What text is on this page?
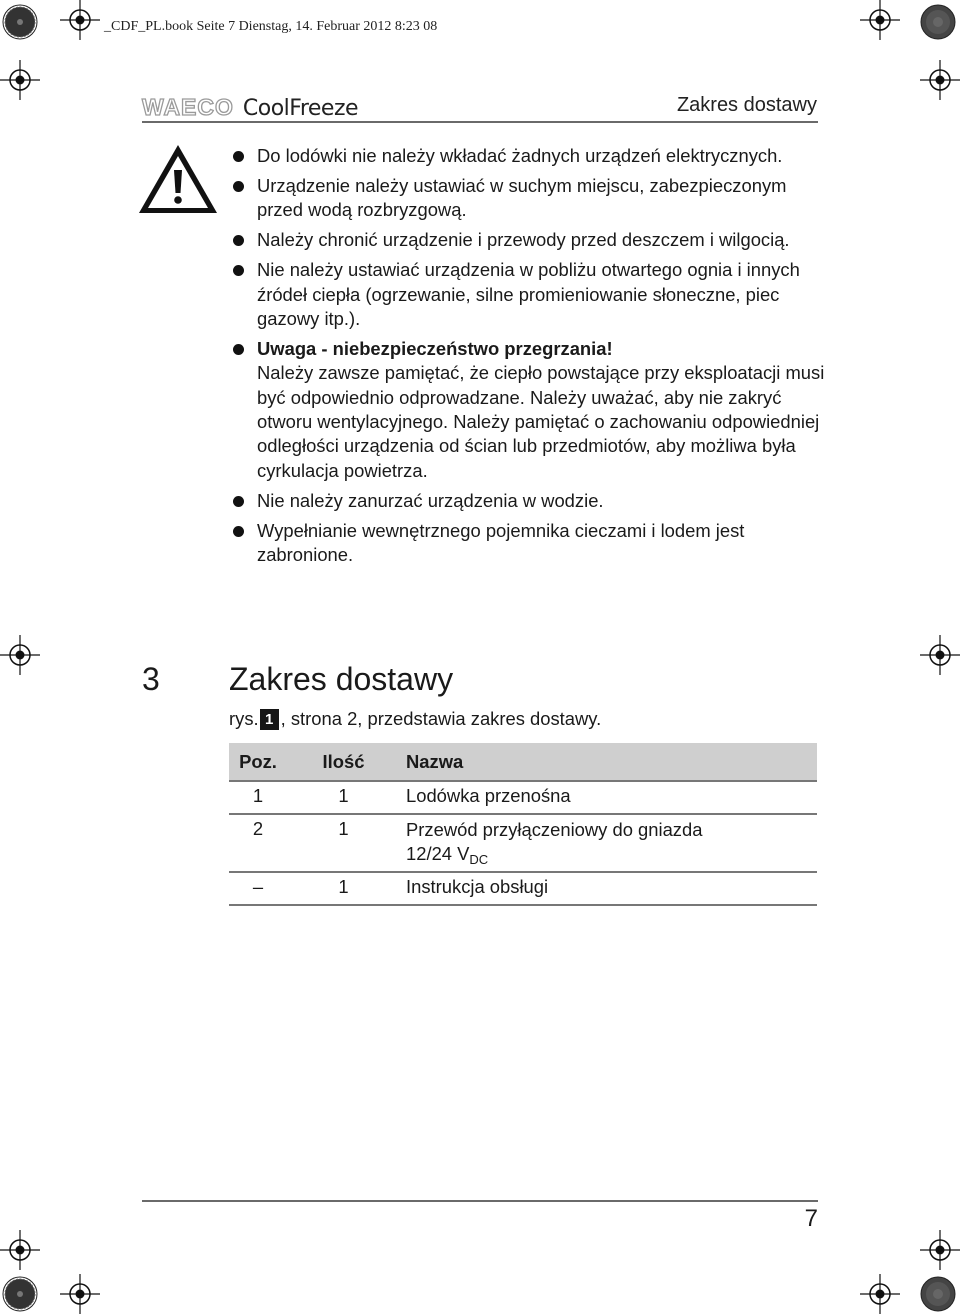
_CDF_PL.book Seite 7 Dienstag, 14. Februar 2012 8:23 08
WAECO CoolFreeze	Zakres dostawy
Do lodówki nie należy wkładać żadnych urządzeń elektrycznych.
Urządzenie należy ustawiać w suchym miejscu, zabezpieczonym przed wodą rozbryzgową.
Należy chronić urządzenie i przewody przed deszczem i wilgocią.
Nie należy ustawiać urządzenia w pobliżu otwartego ognia i innych źródeł ciepła (ogrzewanie, silne promieniowanie słoneczne, piec gazowy itp.).
Uwaga - niebezpieczeństwo przegrzania!
Należy zawsze pamiętać, że ciepło powstające przy eksploatacji musi być odpowiednio odprowadzane. Należy uważać, aby nie zakryć otworu wentylacyjnego. Należy pamiętać o zachowaniu odpowiedniej odległości urządzenia od ścian lub przedmiotów, aby możliwa była cyrkulacja powietrza.
Nie należy zanurzać urządzenia w wodzie.
Wypełnianie wewnętrznego pojemnika cieczami i lodem jest zabronione.
3 Zakres dostawy
rys. 1 , strona 2, przedstawia zakres dostawy.
Poz.	Ilość	Nazwa
1	1	Lodówka przenośna
2	1	Przewód przyłączeniowy do gniazda
12/24 $V_{DC}$
–	1	Instrukcja obsługi
7
